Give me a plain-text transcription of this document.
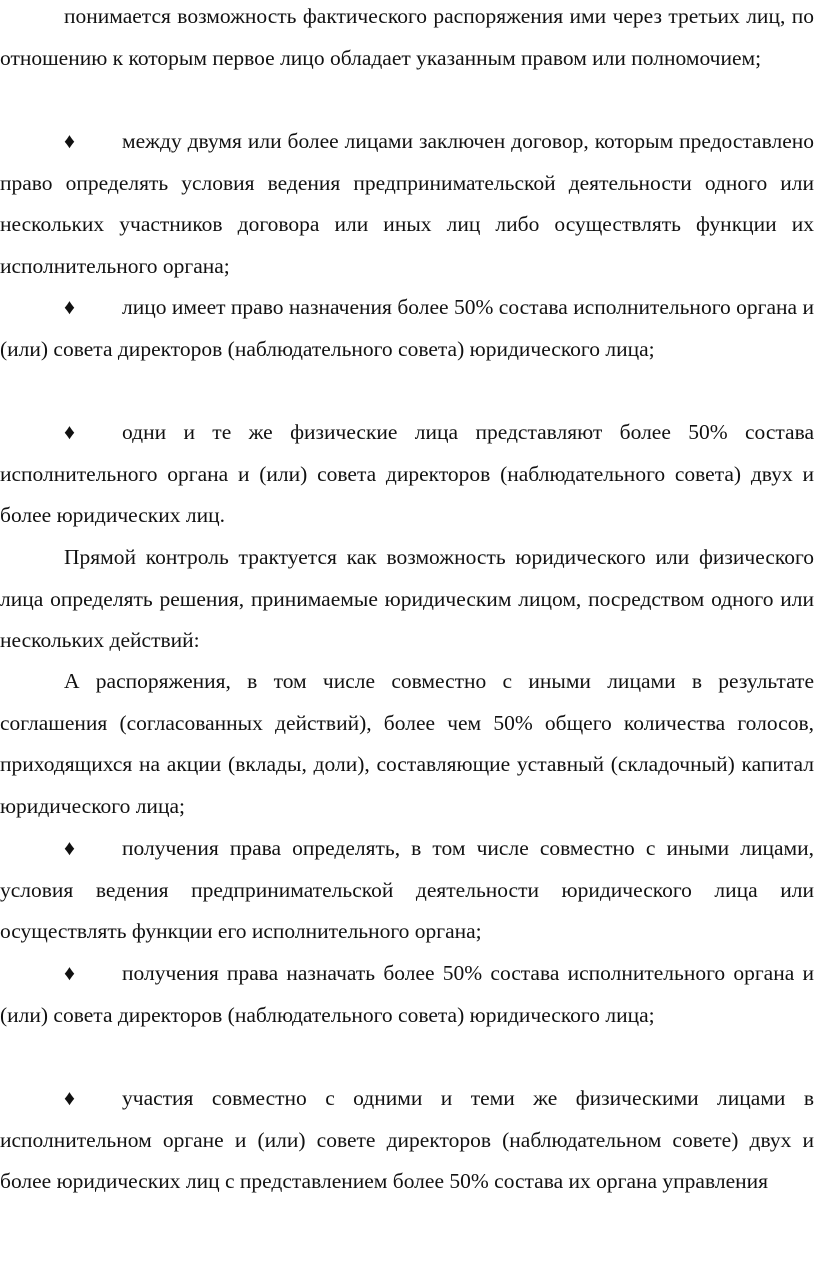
понимается возможность фактического распоряжения ими через третьих лиц, по отношению к которым первое лицо обладает указанным правом или полномочием;

♦ между двумя или более лицами заключен договор, которым предоставлено право определять условия ведения предпринимательской деятельности одного или нескольких участников договора или иных лиц либо осуществлять функции их исполнительного органа;

♦ лицо имеет право назначения более 50% состава исполнительного органа и (или) совета директоров (наблюдательного совета) юридического лица;

♦ одни и те же физические лица представляют более 50% состава исполнительного органа и (или) совета директоров (наблюдательного совета) двух и более юридических лиц.

Прямой контроль трактуется как возможность юридического или физического лица определять решения, принимаемые юридическим лицом, посредством одного или нескольких действий:

А распоряжения, в том числе совместно с иными лицами в результате соглашения (согласованных действий), более чем 50% общего количества голосов, приходящихся на акции (вклады, доли), составляющие уставный (складочный) капитал юридического лица;

♦ получения права определять, в том числе совместно с иными лицами, условия ведения предпринимательской деятельности юридического лица или осуществлять функции его исполнительного органа;

♦ получения права назначать более 50% состава исполнительного органа и (или) совета директоров (наблюдательного совета) юридического лица;

♦ участия совместно с одними и теми же физическими лицами в исполнительном органе и (или) совете директоров (наблюдательном совете) двух и более юридических лиц с представлением более 50% состава их органа управления
